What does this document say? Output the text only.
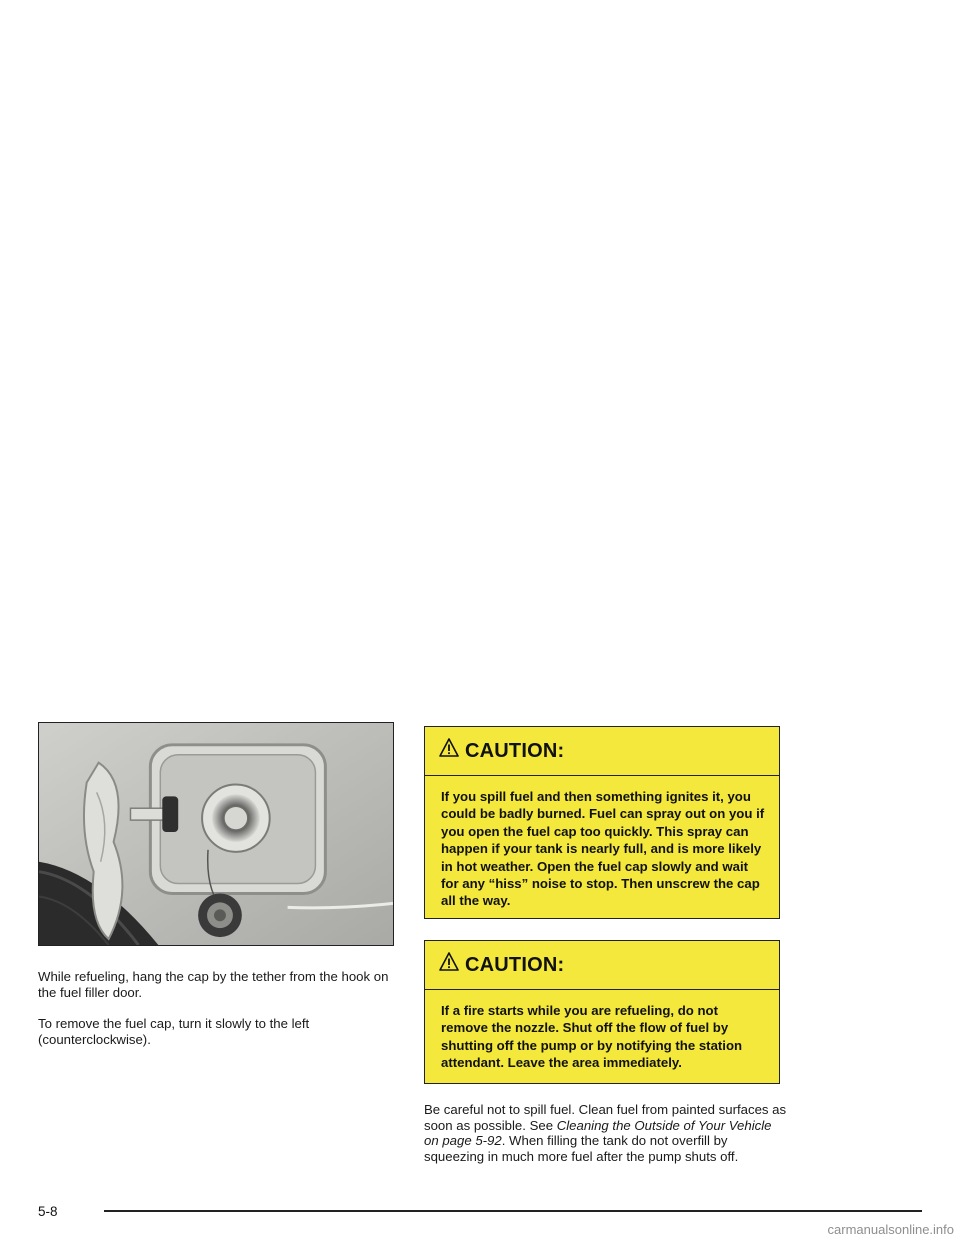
While refueling, hang the cap by the tether from the hook on the fuel filler door.

To remove the fuel cap, turn it slowly to the left (counterclockwise).

CAUTION:
If you spill fuel and then something ignites it, you could be badly burned. Fuel can spray out on you if you open the fuel cap too quickly. This spray can happen if your tank is nearly full, and is more likely in hot weather. Open the fuel cap slowly and wait for any “hiss” noise to stop. Then unscrew the cap all the way.
CAUTION:
If a fire starts while you are refueling, do not remove the nozzle. Shut off the flow of fuel by shutting off the pump or by notifying the station attendant. Leave the area immediately.

Be careful not to spill fuel. Clean fuel from painted surfaces as soon as possible. See Cleaning the Outside of Your Vehicle on page 5-92. When filling the tank do not overfill by squeezing in much more fuel after the pump shuts off.

5-8
carmanualsonline.info
